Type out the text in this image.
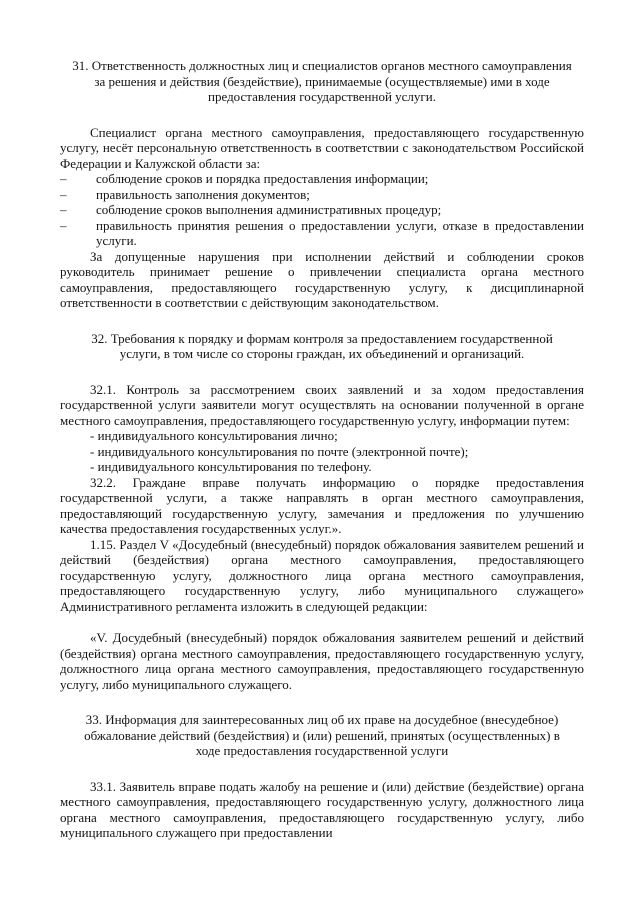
31. Ответственность должностных лиц и специалистов органов местного самоуправления за решения и действия (бездействие), принимаемые (осуществляемые) ими в ходе предоставления государственной услуги.

Специалист органа местного самоуправления, предоставляющего государственную услугу, несёт персональную ответственность в соответствии с законодательством Российской Федерации и Калужской области за:

– соблюдение сроков и порядка предоставления информации;
– правильность заполнения документов;
– соблюдение сроков выполнения административных процедур;
– правильность принятия решения о предоставлении услуги, отказе в предоставлении услуги.

За допущенные нарушения при исполнении действий и соблюдении сроков руководитель принимает решение о привлечении специалиста органа местного самоуправления, предоставляющего государственную услугу, к дисциплинарной ответственности в соответствии с действующим законодательством.

32. Требования к порядку и формам контроля за предоставлением государственной услуги, в том числе со стороны граждан, их объединений и организаций.

32.1. Контроль за рассмотрением своих заявлений и за ходом предоставления государственной услуги заявители могут осуществлять на основании полученной в органе местного самоуправления, предоставляющего государственную услугу, информации путем:

- индивидуального консультирования лично;
- индивидуального консультирования по почте (электронной почте);
- индивидуального консультирования по телефону.

32.2. Граждане вправе получать информацию о порядке предоставления государственной услуги, а также направлять в орган местного самоуправления, предоставляющий государственную услугу, замечания и предложения по улучшению качества предоставления государственных услуг.».

1.15. Раздел V «Досудебный (внесудебный) порядок обжалования заявителем решений и действий (бездействия) органа местного самоуправления, предоставляющего государственную услугу, должностного лица органа местного самоуправления, предоставляющего государственную услугу, либо муниципального служащего» Административного регламента изложить в следующей редакции:

«V. Досудебный (внесудебный) порядок обжалования заявителем решений и действий (бездействия) органа местного самоуправления, предоставляющего государственную услугу, должностного лица органа местного самоуправления, предоставляющего государственную услугу, либо муниципального служащего.

33. Информация для заинтересованных лиц об их праве на досудебное (внесудебное) обжалование действий (бездействия) и (или) решений, принятых (осуществленных) в ходе предоставления государственной услуги

33.1. Заявитель вправе подать жалобу на решение и (или) действие (бездействие) органа местного самоуправления, предоставляющего государственную услугу, должностного лица органа местного самоуправления, предоставляющего государственную услугу, либо муниципального служащего при предоставлении
